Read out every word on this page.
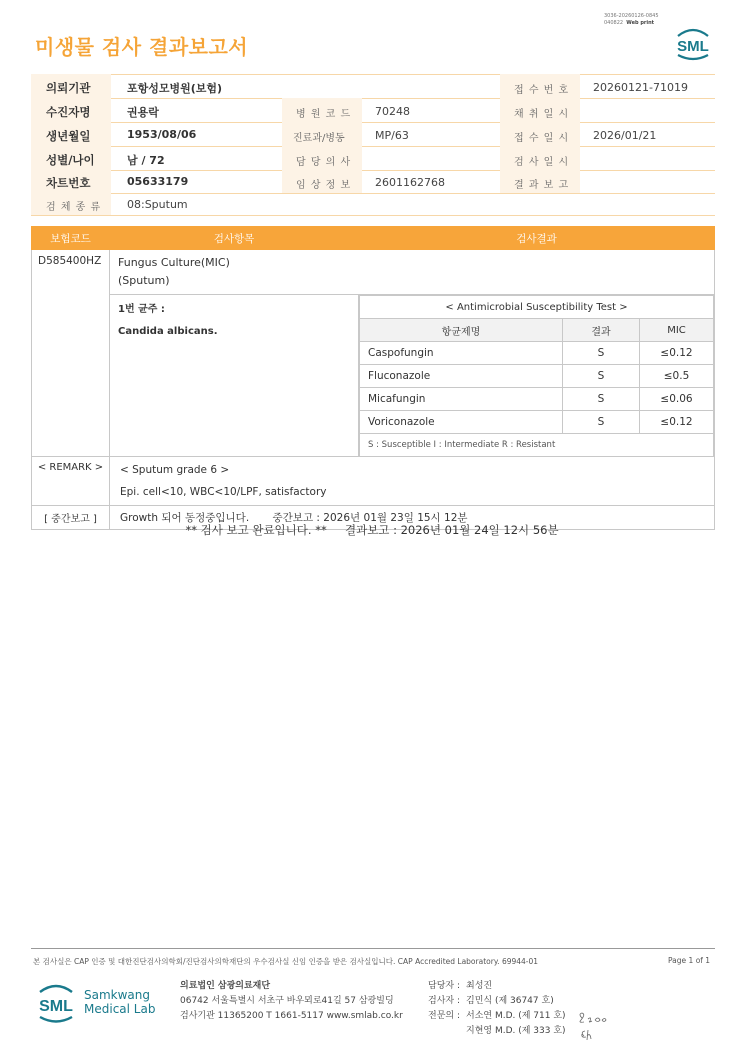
미생물 검사 결과보고서
3036-20260126-0845
040822 Web print
SML
의뢰기관	포항성모병원(보험)	접 수 번 호 20260121-71019
수진자명	권용락	병 원 코 드 70248	채 취 일 시
생년월일	1953/08/06	진료과/병동	MP/63	접 수 일 시 2026/01/21
성별/나이	남 / 72	담 당 의 사	검 사 일 시
차트번호	05633179	임 상 정 보 2601162768	결 과 보 고
검 체 종 류 08:Sputum
보험코드	검사항목	검사결과
D585400HZ	Fungus Culture(MIC)
(Sputum)

1번 균주 :
Candida albicans.

< Antimicrobial Susceptibility Test >
항균제명	결과	MIC
Caspofungin	S	≤0.12
Fluconazole	S	≤0.5
Micafungin	S	≤0.06
Voriconazole	S	≤0.12
S : Susceptible I : Intermediate R : Resistant

< REMARK >	< Sputum grade 6 >
Epi. cell<10, WBC<10/LPF, satisfactory

[ 중간보고 ]	Growth 되어 동정중입니다.       중간보고 : 2026년 01월 23일 15시 12분
** 검사 보고 완료입니다. **     결과보고 : 2026년 01월 24일 12시 56분
본 검사실은 CAP 인증 및 대한진단검사의학회/진단검사의학재단의 우수검사실 신임 인증을 받은 검사실입니다. CAP Accredited Laboratory. 69944-01	Page 1 of 1
SML
Samkwang
Medical Lab
의료법인 삼광의료재단
06742 서울특별시 서초구 바우뫼로41길 57 삼광빌딩
검사기관 11365200 T 1661-5117 www.smlab.co.kr
담당자 : 최성진
검사자 : 김민식 (제 36747 호)
전문의 : 서소연 M.D. (제 711 호)
지현영 M.D. (제 333 호)
